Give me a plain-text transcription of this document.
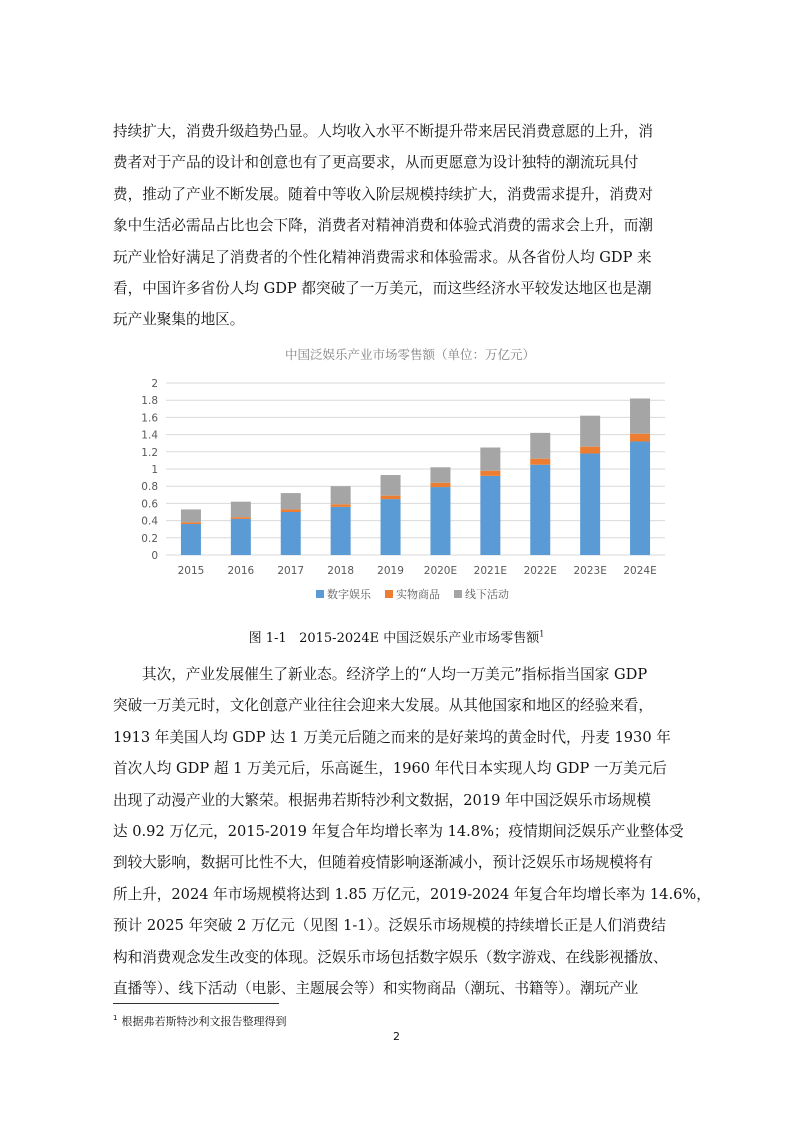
持续扩大，消费升级趋势凸显。人均收入水平不断提升带来居民消费意愿的上升，消

费者对于产品的设计和创意也有了更高要求，从而更愿意为设计独特的潮流玩具付

费，推动了产业不断发展。随着中等收入阶层规模持续扩大，消费需求提升，消费对

象中生活必需品占比也会下降，消费者对精神消费和体验式消费的需求会上升，而潮

玩产业恰好满足了消费者的个性化精神消费需求和体验需求。从各省份人均 GDP 来

看，中国许多省份人均 GDP 都突破了一万美元，而这些经济水平较发达地区也是潮

玩产业聚集的地区。

中国泛娱乐产业市场零售额（单位：万亿元）
0
0.2
0.4
0.6
0.8
1
1.2
1.4
1.6
1.8
2
2015 2016 2017 2018 2019 2020E 2021E 2022E 2023E 2024E
数字娱乐 实物商品 线下活动
图 1-1 2015-2024E 中国泛娱乐产业市场零售额$^1$

其次，产业发展催生了新业态。经济学上的“人均一万美元”指标指当国家 GDP

突破一万美元时，文化创意产业往往会迎来大发展。从其他国家和地区的经验来看，

1913 年美国人均 GDP 达 1 万美元后随之而来的是好莱坞的黄金时代，丹麦 1930 年

首次人均 GDP 超 1 万美元后，乐高诞生，1960 年代日本实现人均 GDP 一万美元后

出现了动漫产业的大繁荣。根据弗若斯特沙利文数据，2019 年中国泛娱乐市场规模

达 0.92 万亿元，2015-2019 年复合年均增长率为 14.8%；疫情期间泛娱乐产业整体受

到较大影响，数据可比性不大，但随着疫情影响逐渐减小，预计泛娱乐市场规模将有

所上升，2024 年市场规模将达到 1.85 万亿元，2019-2024 年复合年均增长率为 14.6%，

预计 2025 年突破 2 万亿元（见图 1-1）。泛娱乐市场规模的持续增长正是人们消费结

构和消费观念发生改变的体现。泛娱乐市场包括数字娱乐（数字游戏、在线影视播放、

直播等）、线下活动（电影、主题展会等）和实物商品（潮玩、书籍等）。潮玩产业

$^1$ 根据弗若斯特沙利文报告整理得到
2
